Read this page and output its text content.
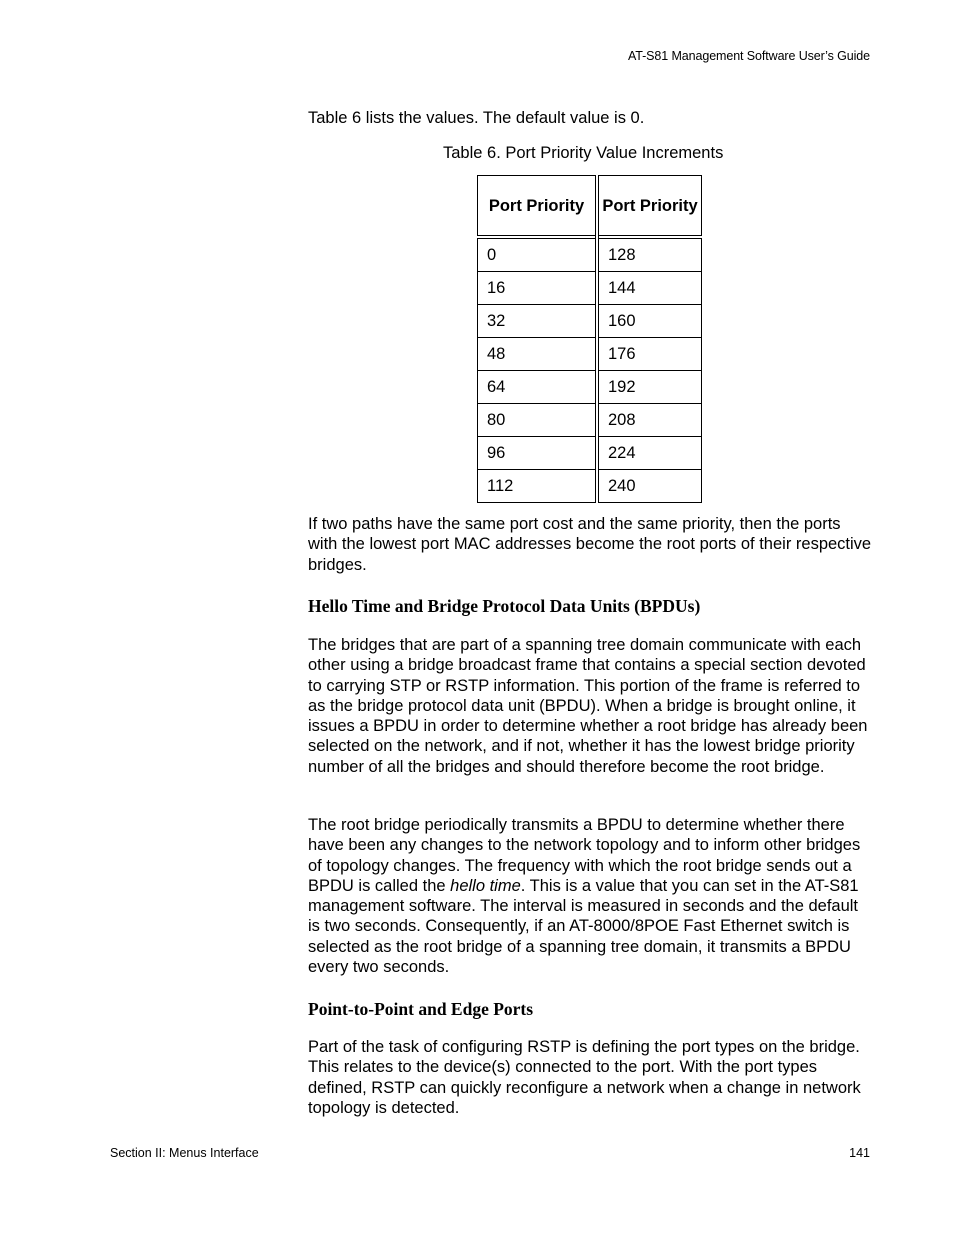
AT-S81 Management Software User’s Guide

Table 6 lists the values. The default value is 0.

Table 6. Port Priority Value Increments
Port Priority	Port Priority
0	128
16	144
32	160
48	176
64	192
80	208
96	224
112	240

If two paths have the same port cost and the same priority, then the ports with the lowest port MAC addresses become the root ports of their respective bridges.

Hello Time and Bridge Protocol Data Units (BPDUs)

The bridges that are part of a spanning tree domain communicate with each other using a bridge broadcast frame that contains a special section devoted to carrying STP or RSTP information. This portion of the frame is referred to as the bridge protocol data unit (BPDU). When a bridge is brought online, it issues a BPDU in order to determine whether a root bridge has already been selected on the network, and if not, whether it has the lowest bridge priority number of all the bridges and should therefore become the root bridge.

The root bridge periodically transmits a BPDU to determine whether there have been any changes to the network topology and to inform other bridges of topology changes. The frequency with which the root bridge sends out a BPDU is called the hello time. This is a value that you can set in the AT-S81 management software. The interval is measured in seconds and the default is two seconds. Consequently, if an AT-8000/8POE Fast Ethernet switch is selected as the root bridge of a spanning tree domain, it transmits a BPDU every two seconds.

Point-to-Point and Edge Ports

Part of the task of configuring RSTP is defining the port types on the bridge. This relates to the device(s) connected to the port. With the port types defined, RSTP can quickly reconfigure a network when a change in network topology is detected.

Section II: Menus Interface	141
